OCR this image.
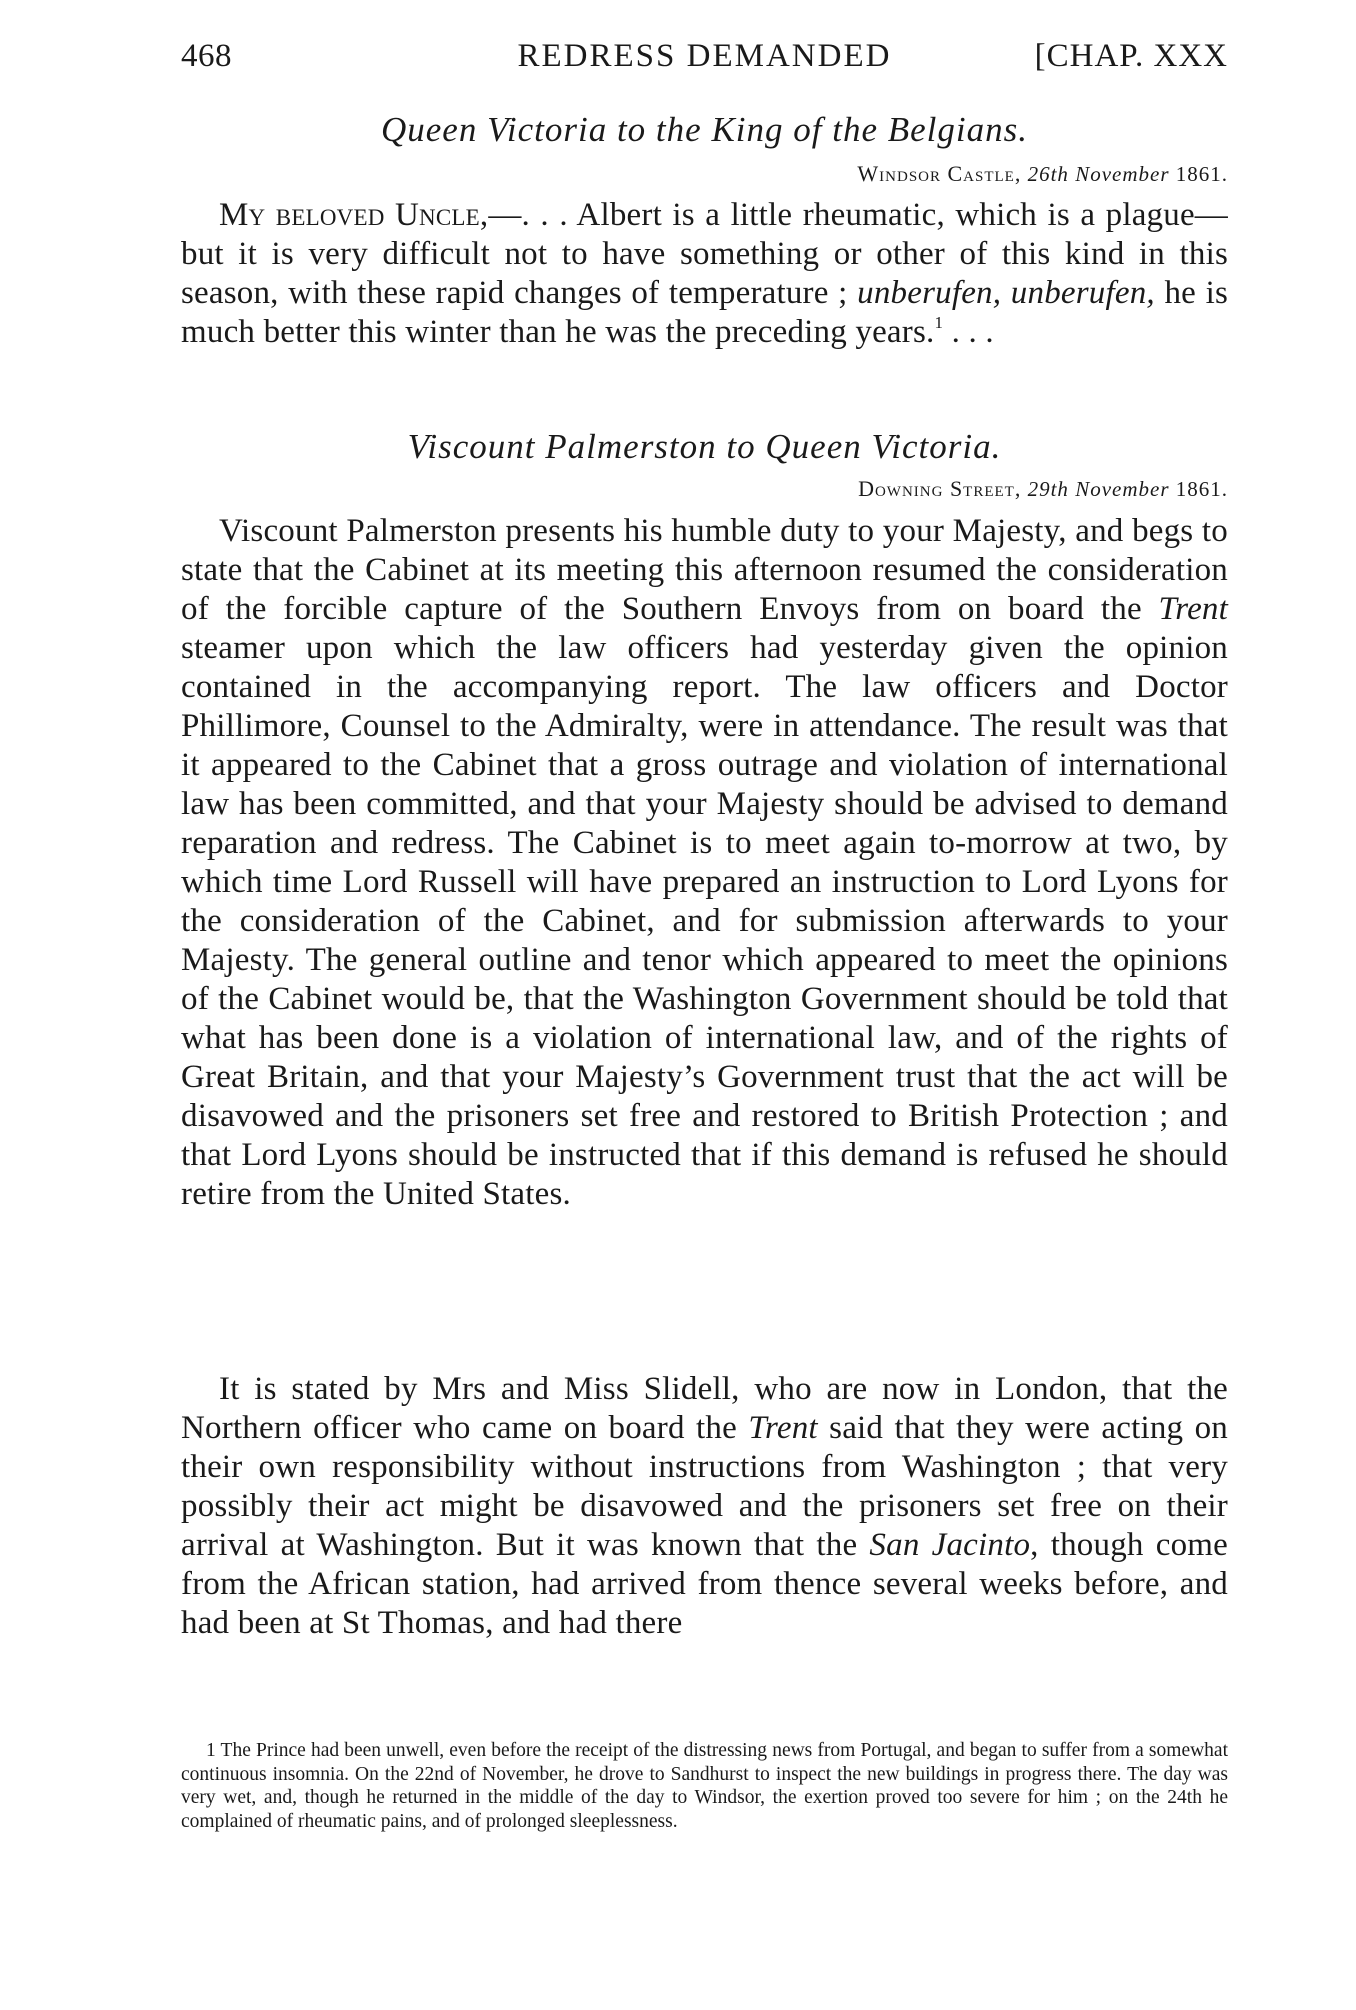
468	REDRESS DEMANDED	[CHAP. XXX
Queen Victoria to the King of the Belgians.
Windsor Castle, 26th November 1861.

My beloved Uncle,—. . . Albert is a little rheumatic, which is a plague—but it is very difficult not to have something or other of this kind in this season, with these rapid changes of temperature ; unberufen, unberufen, he is much better this winter than he was the preceding years.$^1$ . . .

Viscount Palmerston to Queen Victoria.
Downing Street, 29th November 1861.

Viscount Palmerston presents his humble duty to your Majesty, and begs to state that the Cabinet at its meeting this afternoon resumed the consideration of the forcible capture of the Southern Envoys from on board the Trent steamer upon which the law officers had yesterday given the opinion contained in the accompanying report. The law officers and Doctor Phillimore, Counsel to the Admiralty, were in attendance. The result was that it appeared to the Cabinet that a gross outrage and violation of international law has been committed, and that your Majesty should be advised to demand reparation and redress. The Cabinet is to meet again to-morrow at two, by which time Lord Russell will have prepared an instruction to Lord Lyons for the consideration of the Cabinet, and for submission afterwards to your Majesty. The general outline and tenor which appeared to meet the opinions of the Cabinet would be, that the Washington Government should be told that what has been done is a violation of international law, and of the rights of Great Britain, and that your Majesty’s Government trust that the act will be disavowed and the prisoners set free and restored to British Protection ; and that Lord Lyons should be instructed that if this demand is refused he should retire from the United States.

It is stated by Mrs and Miss Slidell, who are now in London, that the Northern officer who came on board the Trent said that they were acting on their own responsibility without instructions from Washington ; that very possibly their act might be disavowed and the prisoners set free on their arrival at Washington. But it was known that the San Jacinto, though come from the African station, had arrived from thence several weeks before, and had been at St Thomas, and had there

1 The Prince had been unwell, even before the receipt of the distressing news from Portugal, and began to suffer from a somewhat continuous insomnia. On the 22nd of November, he drove to Sandhurst to inspect the new buildings in progress there. The day was very wet, and, though he returned in the middle of the day to Windsor, the exertion proved too severe for him ; on the 24th he complained of rheumatic pains, and of prolonged sleeplessness.
